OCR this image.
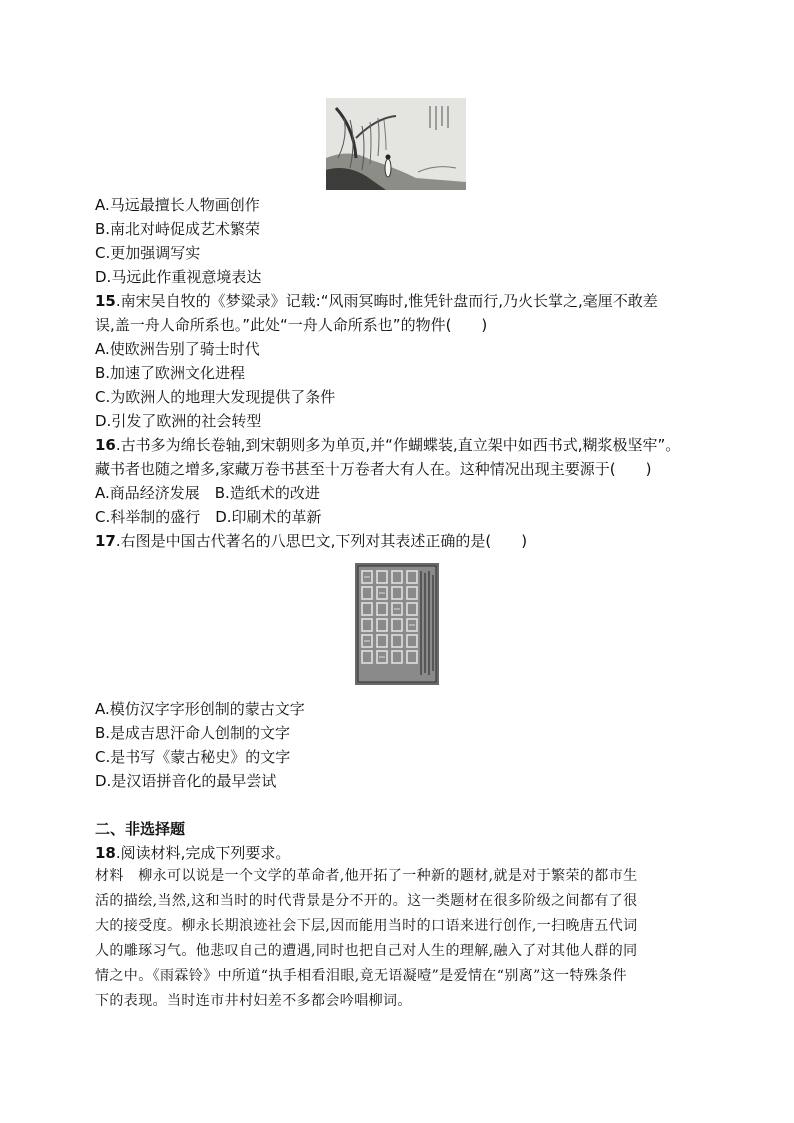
A.马远最擅长人物画创作
B.南北对峙促成艺术繁荣
C.更加强调写实
D.马远此作重视意境表达
15.南宋吴自牧的《梦粱录》记载:“风雨冥晦时,惟凭针盘而行,乃火长掌之,毫厘不敢差
误,盖一舟人命所系也。”此处“一舟人命所系也”的物件(　　)
A.使欧洲告别了骑士时代
B.加速了欧洲文化进程
C.为欧洲人的地理大发现提供了条件
D.引发了欧洲的社会转型
16.古书多为绵长卷轴,到宋朝则多为单页,并“作蝴蝶装,直立架中如西书式,糊浆极坚牢”。
藏书者也随之增多,家藏万卷书甚至十万卷者大有人在。这种情况出现主要源于(　　)
A.商品经济发展　B.造纸术的改进
C.科举制的盛行　D.印刷术的革新
17.右图是中国古代著名的八思巴文,下列对其表述正确的是(　　)
A.模仿汉字字形创制的蒙古文字
B.是成吉思汗命人创制的文字
C.是书写《蒙古秘史》的文字
D.是汉语拼音化的最早尝试
二、非选择题
18.阅读材料,完成下列要求。
材料　柳永可以说是一个文学的革命者,他开拓了一种新的题材,就是对于繁荣的都市生
活的描绘,当然,这和当时的时代背景是分不开的。这一类题材在很多阶级之间都有了很
大的接受度。柳永长期浪迹社会下层,因而能用当时的口语来进行创作,一扫晚唐五代词
人的雕琢习气。他悲叹自己的遭遇,同时也把自己对人生的理解,融入了对其他人群的同
情之中。《雨霖铃》中所道“执手相看泪眼,竟无语凝噎”是爱情在“别离”这一特殊条件
下的表现。当时连市井村妇差不多都会吟唱柳词。
